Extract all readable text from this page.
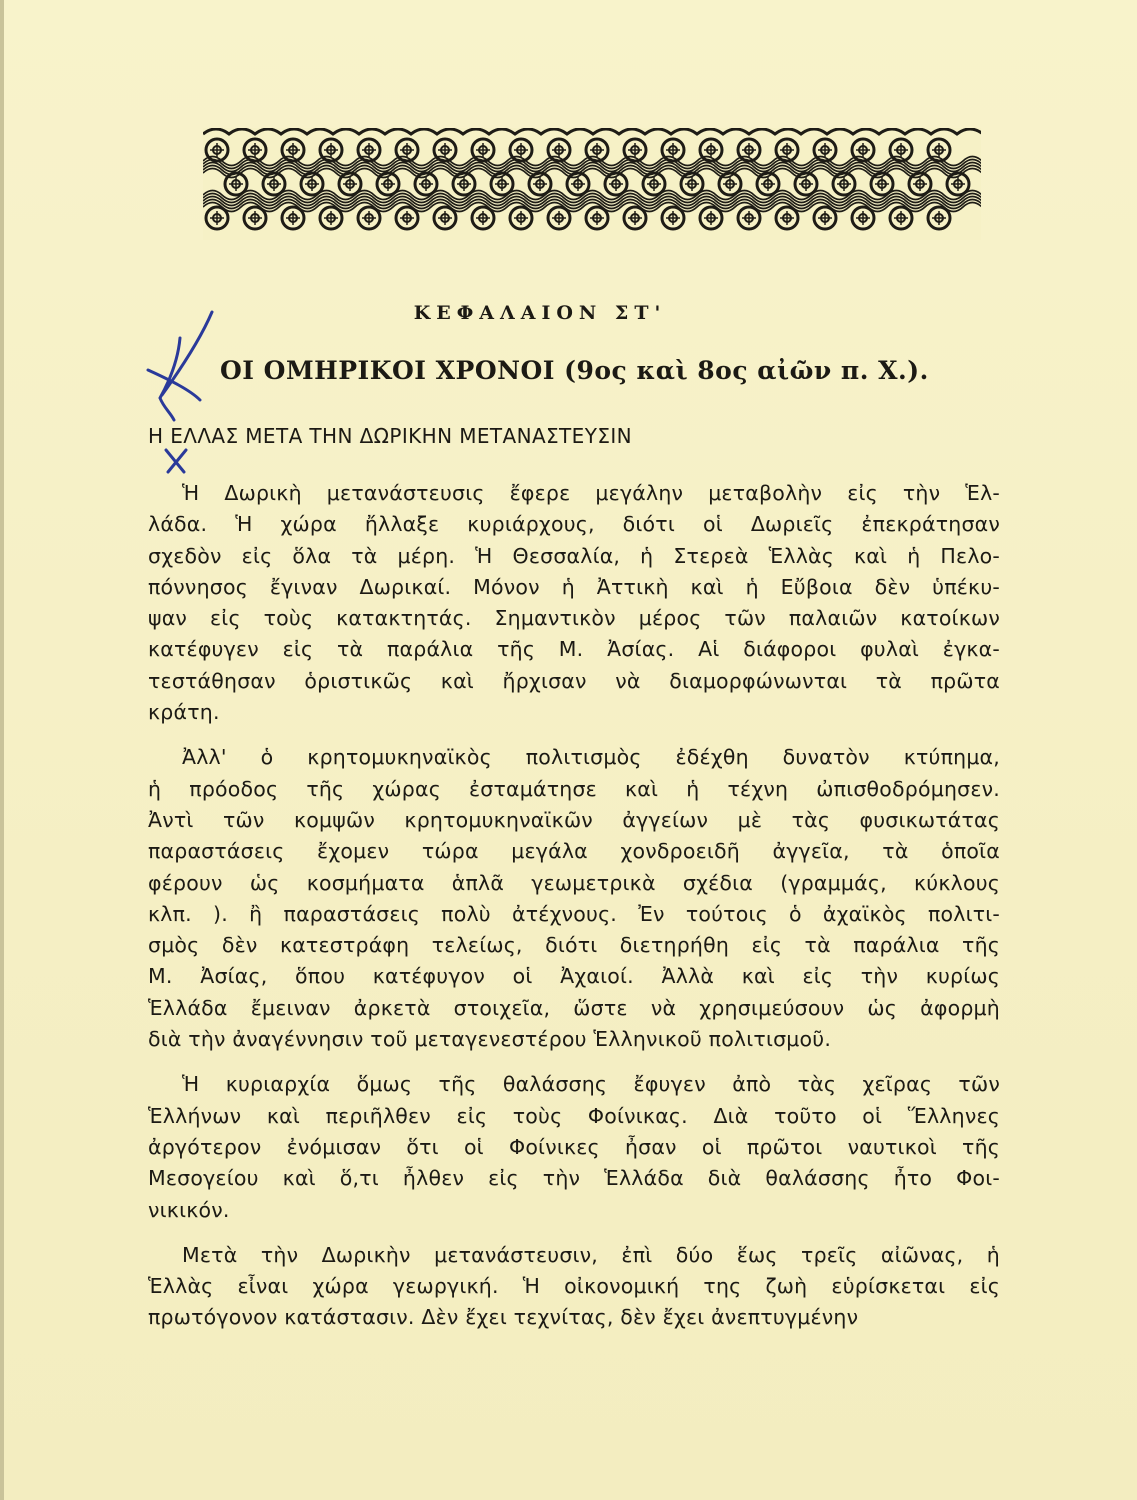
ΚΕΦΑΛΑΙΟΝ ΣΤ'
ΟΙ ΟΜΗΡΙΚΟΙ ΧΡΟΝΟΙ (9ος καὶ 8ος αἰῶν π. Χ.).
Η ΕΛΛΑΣ ΜΕΤΑ ΤΗΝ ΔΩΡΙΚΗΝ ΜΕΤΑΝΑΣΤΕΥΣΙΝ
Ἡ Δωρικὴ μετανάστευσις ἔφερε μεγάλην μεταβολὴν εἰς τὴν Ἑλ-
λάδα. Ἡ χώρα ἤλλαξε κυριάρχους, διότι οἱ Δωριεῖς ἐπεκράτησαν
σχεδὸν εἰς ὅλα τὰ μέρη. Ἡ Θεσσαλία, ἡ Στερεὰ Ἑλλὰς καὶ ἡ Πελο-
πόννησος ἔγιναν Δωρικαί. Μόνον ἡ Ἀττικὴ καὶ ἡ Εὔβοια δὲν ὑπέκυ-
ψαν εἰς τοὺς κατακτητάς. Σημαντικὸν μέρος τῶν παλαιῶν κατοίκων
κατέφυγεν εἰς τὰ παράλια τῆς Μ. Ἀσίας. Αἱ διάφοροι φυλαὶ ἐγκα-
τεστάθησαν ὁριστικῶς καὶ ἤρχισαν νὰ διαμορφώνωνται τὰ πρῶτα
κράτη.
Ἀλλ' ὁ κρητομυκηναϊκὸς πολιτισμὸς ἐδέχθη δυνατὸν κτύπημα,
ἡ πρόοδος τῆς χώρας ἐσταμάτησε καὶ ἡ τέχνη ὠπισθοδρόμησεν.
Ἀντὶ τῶν κομψῶν κρητομυκηναϊκῶν ἀγγείων μὲ τὰς φυσικωτάτας
παραστάσεις ἔχομεν τώρα μεγάλα χονδροειδῆ ἀγγεῖα, τὰ ὁποῖα
φέρουν ὡς κοσμήματα ἁπλᾶ γεωμετρικὰ σχέδια (γραμμάς, κύκλους
κλπ. ). ἢ παραστάσεις πολὺ ἀτέχνους. Ἐν τούτοις ὁ ἀχαϊκὸς πολιτι-
σμὸς δὲν κατεστράφη τελείως, διότι διετηρήθη εἰς τὰ παράλια τῆς
Μ. Ἀσίας, ὅπου κατέφυγον οἱ Ἀχαιοί. Ἀλλὰ καὶ εἰς τὴν κυρίως
Ἑλλάδα ἔμειναν ἀρκετὰ στοιχεῖα, ὥστε νὰ χρησιμεύσουν ὡς ἀφορμὴ
διὰ τὴν ἀναγέννησιν τοῦ μεταγενεστέρου Ἑλληνικοῦ πολιτισμοῦ.
Ἡ κυριαρχία ὅμως τῆς θαλάσσης ἔφυγεν ἀπὸ τὰς χεῖρας τῶν
Ἑλλήνων καὶ περιῆλθεν εἰς τοὺς Φοίνικας. Διὰ τοῦτο οἱ Ἕλληνες
ἀργότερον ἐνόμισαν ὅτι οἱ Φοίνικες ἦσαν οἱ πρῶτοι ναυτικοὶ τῆς
Μεσογείου καὶ ὅ,τι ἦλθεν εἰς τὴν Ἑλλάδα διὰ θαλάσσης ἦτο Φοι-
νικικόν.
Μετὰ τὴν Δωρικὴν μετανάστευσιν, ἐπὶ δύο ἕως τρεῖς αἰῶνας, ἡ
Ἑλλὰς εἶναι χώρα γεωργική. Ἡ οἰκονομική της ζωὴ εὑρίσκεται εἰς
πρωτόγονον κατάστασιν. Δὲν ἔχει τεχνίτας, δὲν ἔχει ἀνεπτυγμένην
